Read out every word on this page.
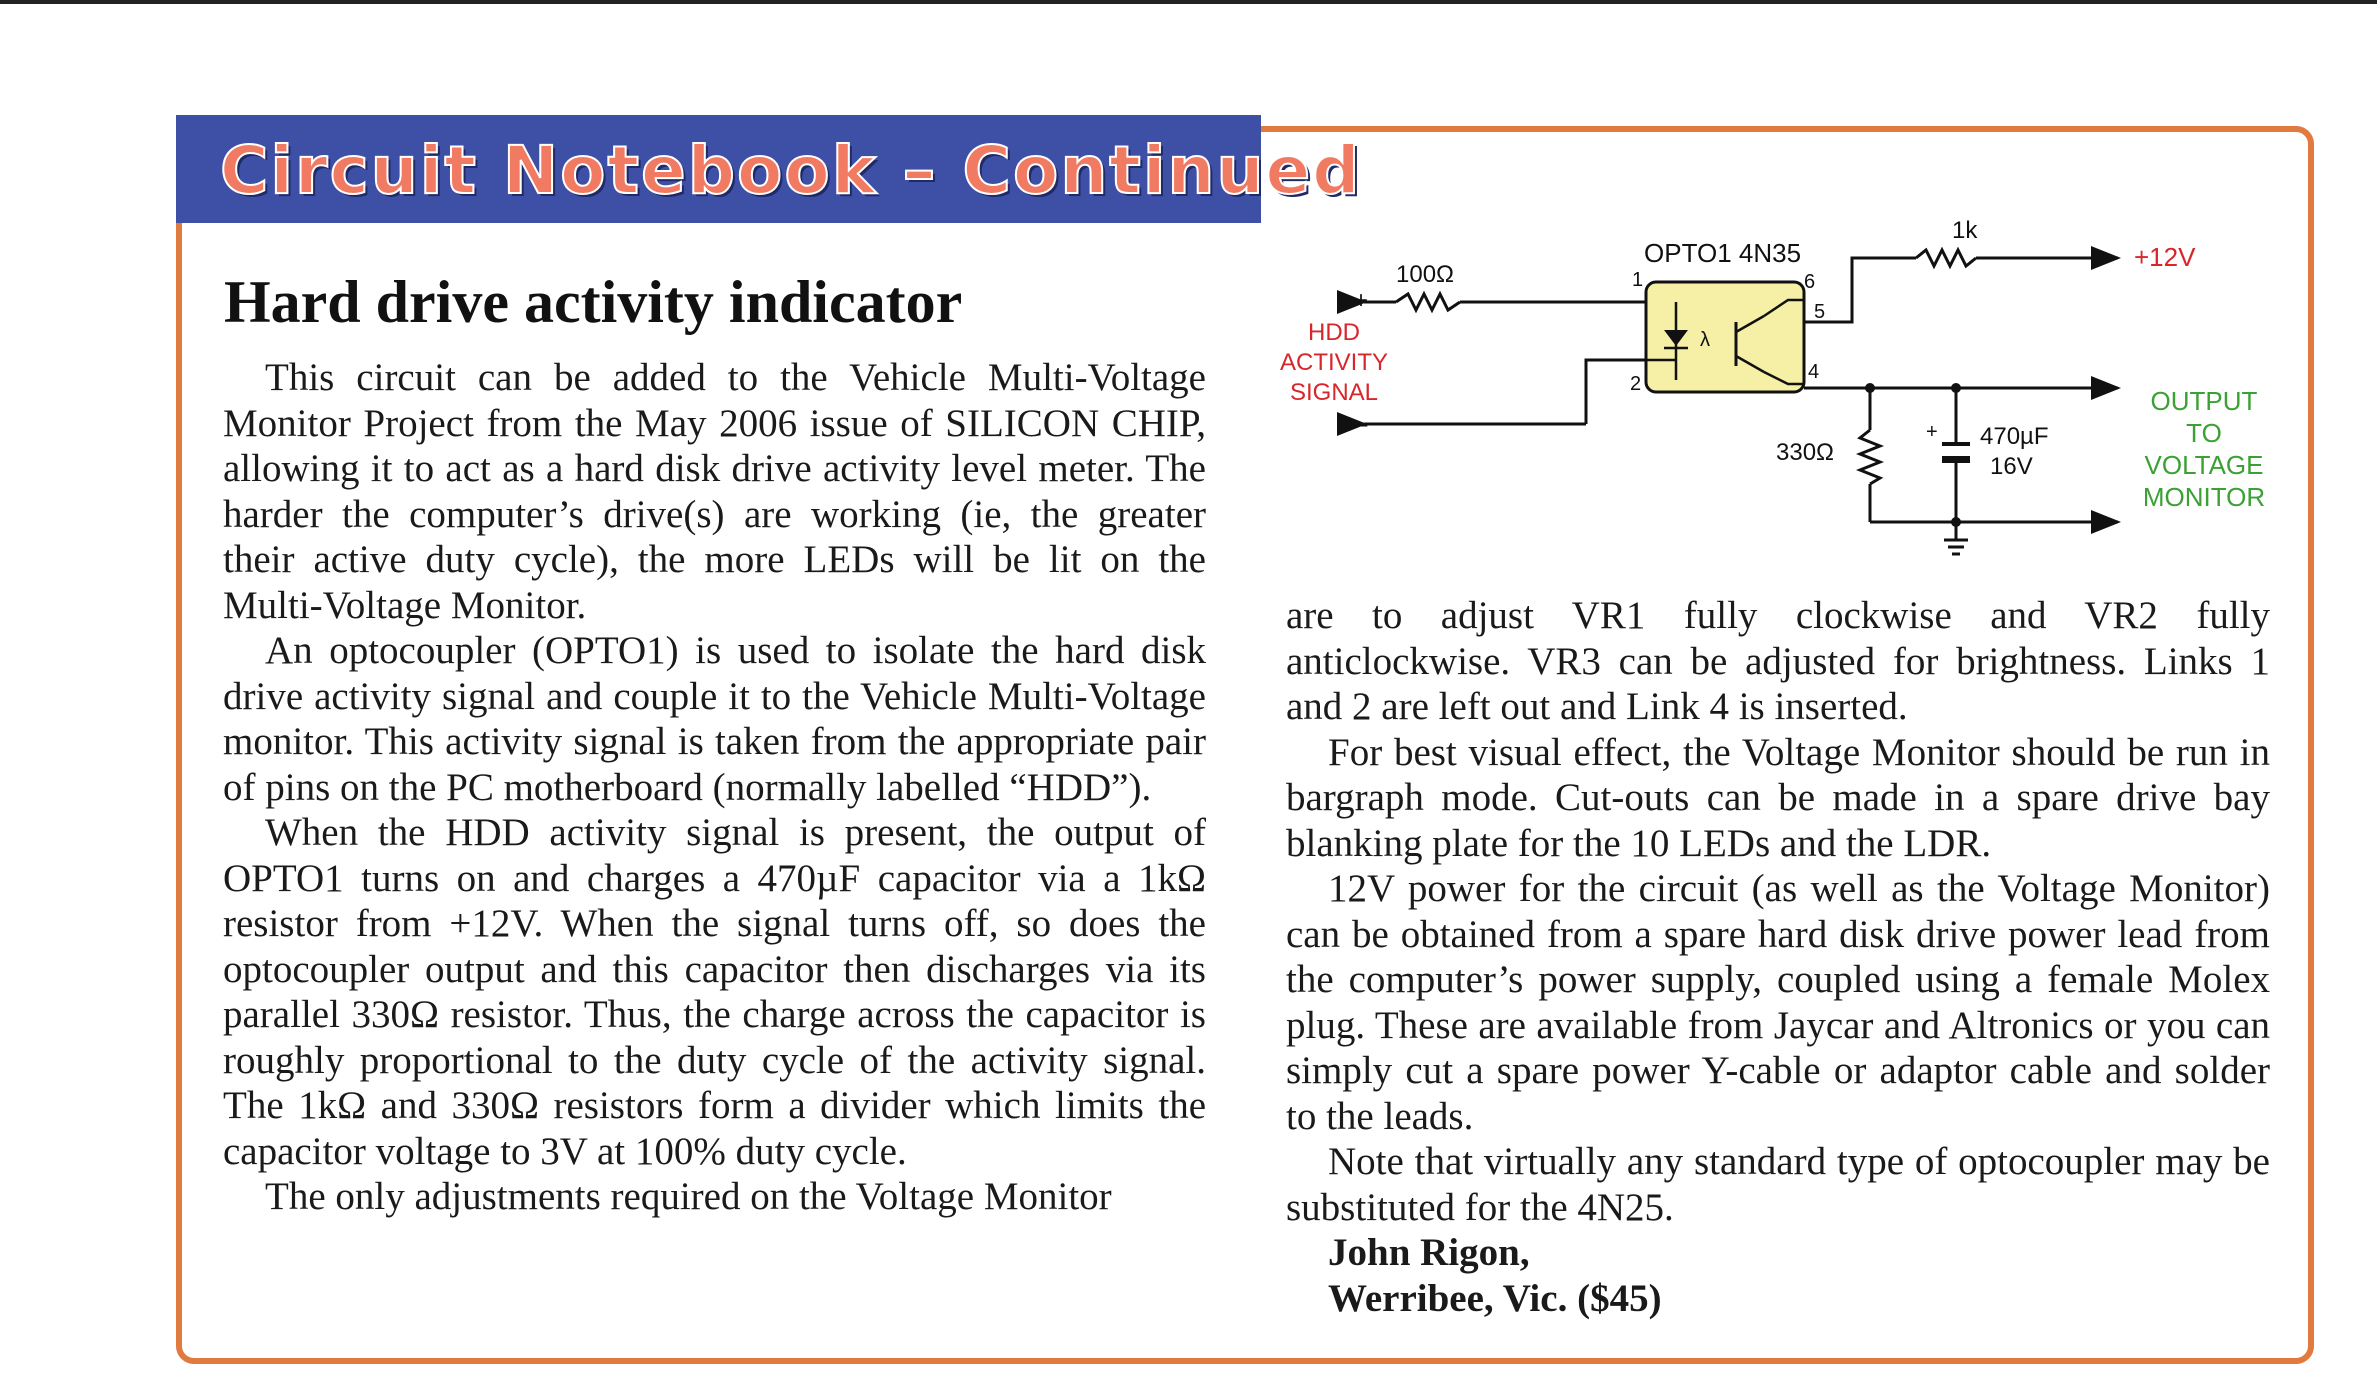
Circuit Notebook – Continued
Hard drive activity indicator

This circuit can be added to the Vehicle Multi-Voltage Monitor Project from the May 2006 issue of SILICON CHIP, allowing it to act as a hard disk drive activity level meter. The harder the computer’s drive(s) are working (ie, the greater their active duty cycle), the more LEDs will be lit on the Multi-Voltage Monitor.

An optocoupler (OPTO1) is used to isolate the hard disk drive activity signal and couple it to the Vehicle Multi-Voltage monitor. This activity signal is taken from the appropriate pair of pins on the PC motherboard (normally labelled “HDD”).

When the HDD activity signal is present, the output of OPTO1 turns on and charges a 470µF capacitor via a 1kΩ resistor from +12V. When the signal turns off, so does the optocoupler output and this capacitor then discharges via its parallel 330Ω resistor. Thus, the charge across the capacitor is roughly proportional to the duty cycle of the activity signal. The 1kΩ and 330Ω resistors form a divider which limits the capacitor voltage to 3V at 100% duty cycle.

The only adjustments required on the Voltage Monitor

are to adjust VR1 fully clockwise and VR2 fully anticlockwise. VR3 can be adjusted for brightness. Links 1 and 2 are left out and Link 4 is inserted.

For best visual effect, the Voltage Monitor should be run in bargraph mode. Cut-outs can be made in a spare drive bay blanking plate for the 10 LEDs and the LDR.

12V power for the circuit (as well as the Voltage Monitor) can be obtained from a spare hard disk drive power lead from the computer’s power supply, coupled using a female Molex plug. These are available from Jaycar and Altronics or you can simply cut a spare power Y-cable or adaptor cable and solder to the leads.

Note that virtually any standard type of optocoupler may be substituted for the 4N25.

John Rigon,

Werribee, Vic. ($45)

λ
+
+
–
HDD
ACTIVITY
SIGNAL
100Ω
OPTO1 4N35
1
2
4
5
6
1k
+12V
330Ω
470µF
16V
OUTPUT
TO
VOLTAGE
MONITOR
